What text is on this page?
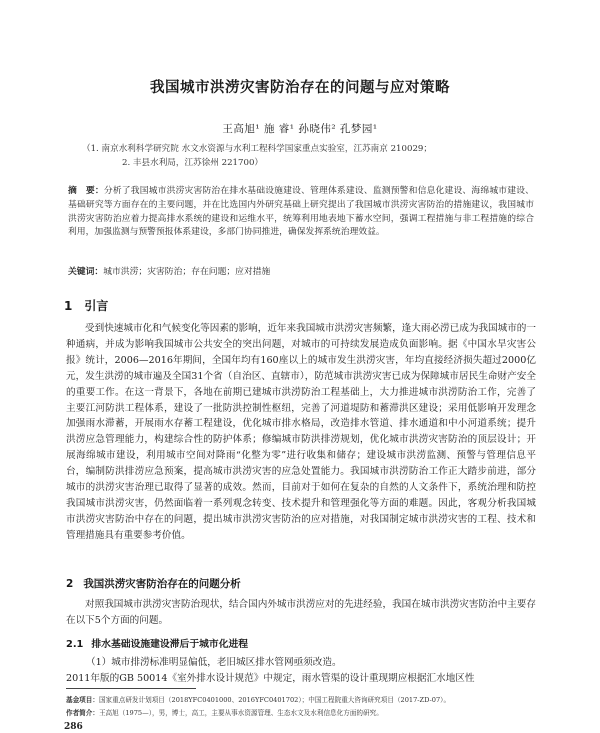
我国城市洪涝灾害防治存在的问题与应对策略
王高旭¹ 施 睿¹ 孙晓伟² 孔梦园¹
（1. 南京水利科学研究院 水文水资源与水利工程科学国家重点实验室，江苏南京 210029；
2. 丰县水利局，江苏徐州 221700）
摘　要：分析了我国城市洪涝灾害防治在排水基础设施建设、管理体系建设、监测预警和信息化建设、海绵城市建设、基础研究等方面存在的主要问题，并在比选国内外研究基础上研究提出了我国城市洪涝灾害防治的措施建议，我国城市洪涝灾害防治应着力提高排水系统的建设和运维水平，统筹利用地表地下蓄水空间，强调工程措施与非工程措施的综合利用，加强监测与预警预报体系建设，多部门协同推进，确保发挥系统治理效益。
关键词：城市洪涝；灾害防治；存在问题；应对措施
1 引言
受到快速城市化和气候变化等因素的影响，近年来我国城市洪涝灾害频繁，逢大雨必涝已成为我国城市的一种通病，并成为影响我国城市公共安全的突出问题，对城市的可持续发展造成负面影响。据《中国水旱灾害公报》统计，2006—2016年期间，全国年均有160座以上的城市发生洪涝灾害，年均直接经济损失超过2000亿元，发生洪涝的城市遍及全国31个省（自治区、直辖市），防范城市洪涝灾害已成为保障城市居民生命财产安全的重要工作。在这一背景下，各地在前期已建城市洪涝防治工程基础上，大力推进城市洪涝防治工作，完善了主要江河防洪工程体系，建设了一批防洪控制性枢纽，完善了河道堤防和蓄滞洪区建设；采用低影响开发理念加强雨水滞蓄，开展雨水存蓄工程建设，优化城市排水格局，改造排水管道、排水通道和中小河道系统；提升洪涝应急管理能力，构建综合性的防护体系；修编城市防洪排涝规划，优化城市洪涝灾害防治的顶层设计；开展海绵城市建设，利用城市空间对降雨“化整为零”进行收集和储存；建设城市洪涝监测、预警与管理信息平台，编制防洪排涝应急预案，提高城市洪涝灾害的应急处置能力。我国城市洪涝防治工作正大踏步前进，部分城市的洪涝灾害治理已取得了显著的成效。然而，目前对于如何在复杂的自然的人文条件下，系统治理和防控我国城市洪涝灾害，仍然面临着一系列观念转变、技术提升和管理强化等方面的难题。因此，客观分析我国城市洪涝灾害防治中存在的问题，提出城市洪涝灾害防治的应对措施，对我国制定城市洪涝灾害的工程、技术和管理措施具有重要参考价值。
2 我国洪涝灾害防治存在的问题分析
对照我国城市洪涝灾害防治现状，结合国内外城市洪涝应对的先进经验，我国在城市洪涝灾害防治中主要存在以下5个方面的问题。
2.1 排水基础设施建设滞后于城市化进程
（1）城市排涝标准明显偏低，老旧城区排水管网亟须改造。
2011年版的GB 50014《室外排水设计规范》中规定，雨水管渠的设计重现期应根据汇水地区性
基金项目：国家重点研发计划项目（2018YFC0401000、2016YFC0401702）；中国工程院重大咨询研究项目（2017-ZD-07）。
作者简介：王高旭（1975—），男，博士，高工，主要从事水资源管理、生态水文及水利信息化方面的研究。
286
